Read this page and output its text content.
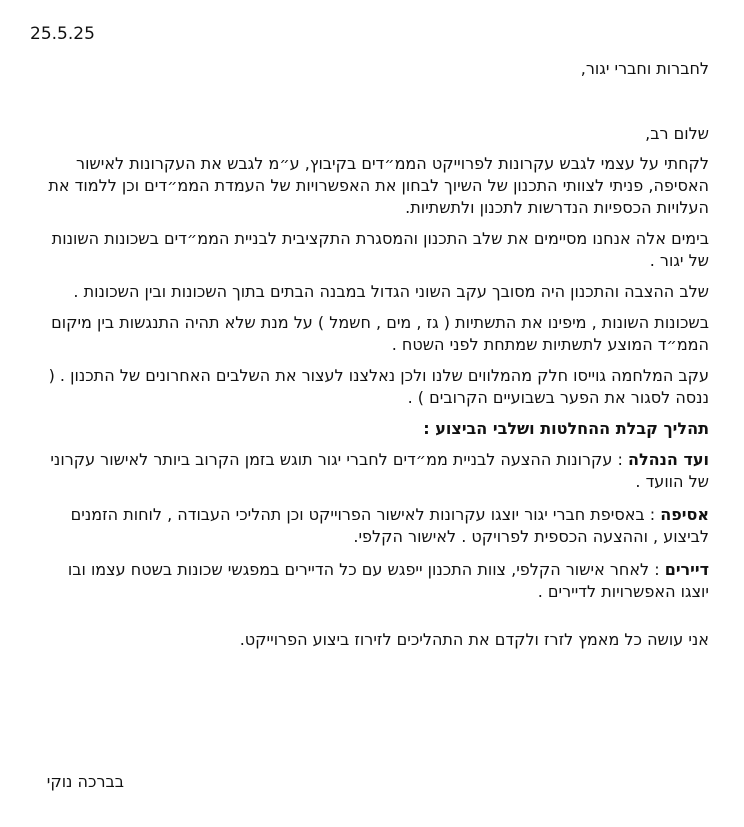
25.5.25

לחברות וחברי יגור,

שלום רב,

לקחתי על עצמי לגבש עקרונות לפרוייקט הממ״דים בקיבוץ, ע״מ לגבש את העקרונות לאישור האסיפה, פניתי לצוותי התכנון של השיוך לבחון את האפשרויות של העמדת הממ״דים וכן ללמוד את העלויות הכספיות הנדרשות לתכנון ולתשתיות.

בימים אלה אנחנו מסיימים את שלב התכנון והמסגרת התקציבית לבניית הממ״דים בשכונות השונות של יגור .

שלב ההצבה והתכנון היה מסובך עקב השוני הגדול במבנה הבתים בתוך השכונות ובין השכונות .

בשכונות השונות , מיפינו את התשתיות ( גז , מים , חשמל ) על מנת שלא תהיה התנגשות בין מיקום הממ״ד המוצע לתשתיות שמתחת לפני השטח .

עקב המלחמה גוייסו חלק מהמלווים שלנו ולכן נאלצנו לעצור את השלבים האחרונים של התכנון . ( ננסה לסגור את הפער בשבועיים הקרובים ) .

תהליך קבלת ההחלטות ושלבי הביצוע :

ועד הנהלה : עקרונות ההצעה לבניית ממ״דים לחברי יגור תוגש בזמן הקרוב ביותר לאישור עקרוני של הוועד .

אסיפה : באסיפת חברי יגור יוצגו עקרונות לאישור הפרוייקט וכן תהליכי העבודה , לוחות הזמנים לביצוע , וההצעה הכספית לפרויקט . לאישור הקלפי.

דיירים : לאחר אישור הקלפי, צוות התכנון ייפגש עם כל הדיירים במפגשי שכונות בשטח עצמו ובו יוצגו האפשרויות לדיירים .

אני עושה כל מאמץ לזרז ולקדם את התהליכים לזירוז ביצוע הפרוייקט.

בברכה נוקי
